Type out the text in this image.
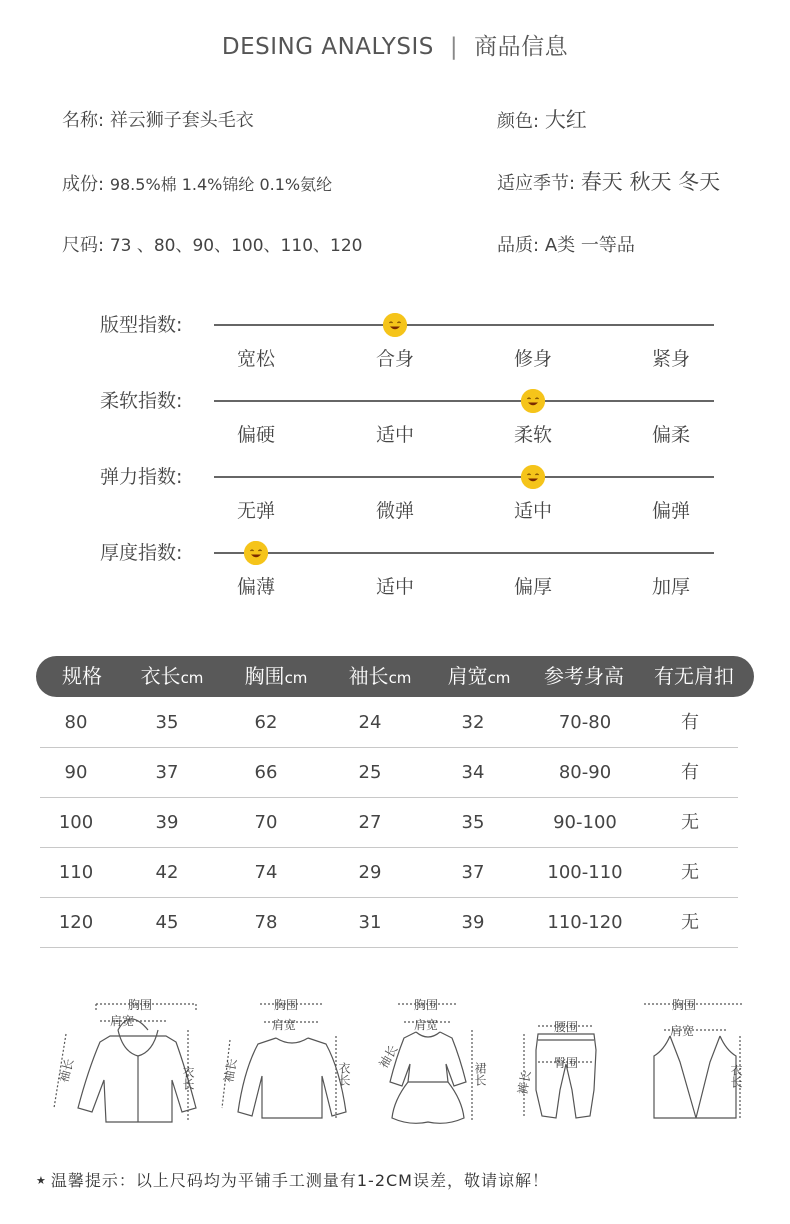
DESING ANALYSIS | 商品信息
名称: 祥云狮子套头毛衣	颜色: 大红
成份: 98.5%棉 1.4%锦纶 0.1%氨纶	适应季节: 春天 秋天 冬天
尺码: 73 、80、90、100、110、120	品质: A类 一等品
版型指数:
宽松	合身	修身	紧身
柔软指数:
偏硬	适中	柔软	偏柔
弹力指数:
无弹	微弹	适中	偏弹
厚度指数:
偏薄	适中	偏厚	加厚
规格	衣长cm	胸围cm	袖长cm	肩宽cm	参考身高	有无肩扣
80	35	62	24	32	70-80	有
90	37	66	25	34	80-90	有
100	39	70	27	35	90-100	无
110	42	74	29	37	100-110	无
120	45	78	31	39	110-120	无
胸围
肩宽
袖长	衣长
胸围
肩宽
袖长	衣长
胸围
肩宽
袖长
裙长
腰围
臀围
裤长
胸围
肩宽
衣长
★ 温馨提示：以上尺码均为平铺手工测量有1-2CM误差，敬请谅解！
